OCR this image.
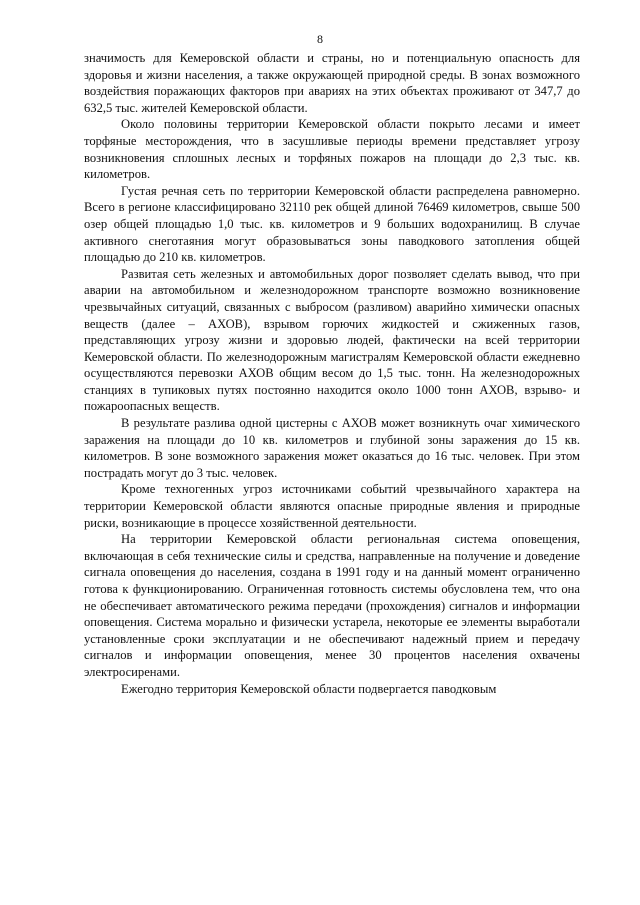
8

значимость для Кемеровской области и страны, но и потенциальную опасность для здоровья и жизни населения, а также окружающей природной среды. В зонах возможного воздействия поражающих факторов при авариях на этих объектах проживают от 347,7 до 632,5 тыс. жителей Кемеровской области.

Около половины территории Кемеровской области покрыто лесами и имеет торфяные месторождения, что в засушливые периоды времени представляет угрозу возникновения сплошных лесных и торфяных пожаров на площади до 2,3 тыс. кв. километров.

Густая речная сеть по территории Кемеровской области распределена равномерно. Всего в регионе классифицировано 32110 рек общей длиной 76469 километров, свыше 500 озер общей площадью 1,0 тыс. кв. километров и 9 больших водохранилищ. В случае активного снеготаяния могут образовываться зоны паводкового затопления общей площадью до 210 кв. километров.

Развитая сеть железных и автомобильных дорог позволяет сделать вывод, что при аварии на автомобильном и железнодорожном транспорте возможно возникновение чрезвычайных ситуаций, связанных с выбросом (разливом) аварийно химически опасных веществ (далее – АХОВ), взрывом горючих жидкостей и сжиженных газов, представляющих угрозу жизни и здоровью людей, фактически на всей территории Кемеровской области. По железнодорожным магистралям Кемеровской области ежедневно осуществляются перевозки АХОВ общим весом до 1,5 тыс. тонн. На железнодорожных станциях в тупиковых путях постоянно находится около 1000 тонн АХОВ, взрыво- и пожароопасных веществ.

В результате разлива одной цистерны с АХОВ может возникнуть очаг химического заражения на площади до 10 кв. километров и глубиной зоны заражения до 15 кв. километров. В зоне возможного заражения может оказаться до 16 тыс. человек. При этом пострадать могут до 3 тыс. человек.

Кроме техногенных угроз источниками событий чрезвычайного характера на территории Кемеровской области являются опасные природные явления и природные риски, возникающие в процессе хозяйственной деятельности.

На территории Кемеровской области региональная система оповещения, включающая в себя технические силы и средства, направленные на получение и доведение сигнала оповещения до населения, создана в 1991 году и на данный момент ограниченно готова к функционированию. Ограниченная готовность системы обусловлена тем, что она не обеспечивает автоматического режима передачи (прохождения) сигналов и информации оповещения. Система морально и физически устарела, некоторые ее элементы выработали установленные сроки эксплуатации и не обеспечивают надежный прием и передачу сигналов и информации оповещения, менее 30 процентов населения охвачены электросиренами.

Ежегодно территория Кемеровской области подвергается паводковым
